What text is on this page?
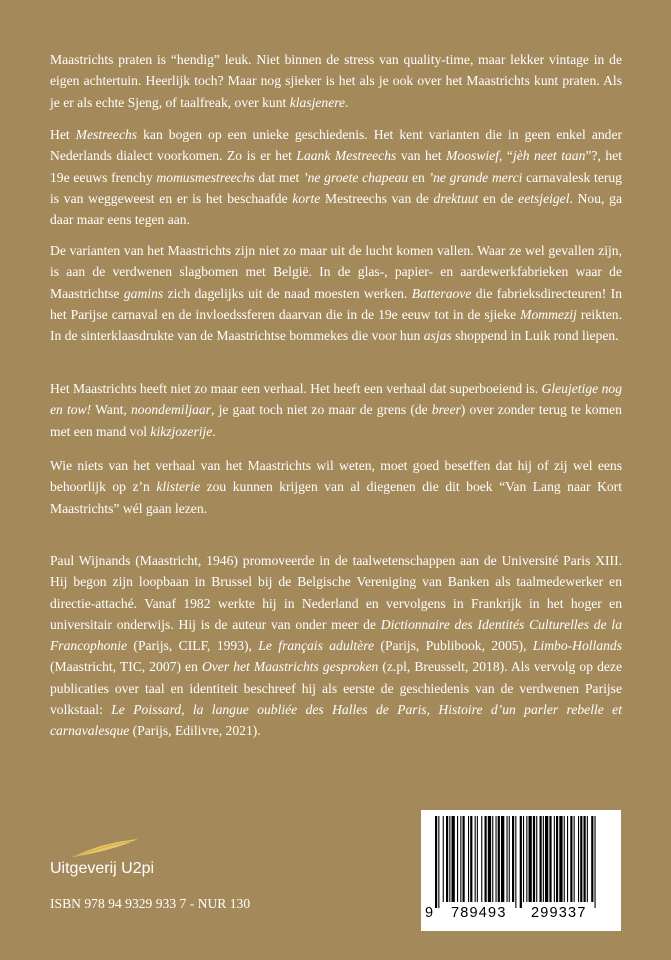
Maastrichts praten is “hendig” leuk. Niet binnen de stress van quality-time, maar lekker vintage in de eigen achtertuin. Heerlijk toch? Maar nog sjieker is het als je ook over het Maastrichts kunt praten. Als je er als echte Sjeng, of taalfreak, over kunt klasjenere.

Het Mestreechs kan bogen op een unieke geschiedenis. Het kent varianten die in geen enkel ander Nederlands dialect voorkomen. Zo is er het Laank Mestreechs van het Mooswief, “jèh neet taan”?, het 19e eeuws frenchy momusmestreechs dat met ’ne groete chapeau en ’ne grande merci carnavalesk terug is van weggeweest en er is het beschaafde korte Mestreechs van de drektuut en de eetsjeigel. Nou, ga daar maar eens tegen aan.

De varianten van het Maastrichts zijn niet zo maar uit de lucht komen vallen. Waar ze wel gevallen zijn, is aan de verdwenen slagbomen met België. In de glas-, papier- en aardewerkfabrieken waar de Maastrichtse gamins zich dagelijks uit de naad moesten werken. Batteraove die fabrieksdirecteuren! In het Parijse carnaval en de invloedssferen daarvan die in de 19e eeuw tot in de sjieke Mommezij reikten. In de sinterklaasdrukte van de Maastrichtse bommekes die voor hun asjas shoppend in Luik rond liepen.

Het Maastrichts heeft niet zo maar een verhaal. Het heeft een verhaal dat superboeiend is. Gleujetige nog en tow! Want, noondemiljaar, je gaat toch niet zo maar de grens (de breer) over zonder terug te komen met een mand vol kikzjozerije.

Wie niets van het verhaal van het Maastrichts wil weten, moet goed beseffen dat hij of zij wel eens behoorlijk op z’n klisterie zou kunnen krijgen van al diegenen die dit boek “Van Lang naar Kort Maastrichts” wél gaan lezen.

Paul Wijnands (Maastricht, 1946) promoveerde in de taalwetenschappen aan de Université Paris XIII. Hij begon zijn loopbaan in Brussel bij de Belgische Vereniging van Banken als taalmedewerker en directie-attaché. Vanaf 1982 werkte hij in Nederland en vervolgens in Frankrijk in het hoger en universitair onderwijs. Hij is de auteur van onder meer de Dictionnaire des Identités Culturelles de la Francophonie (Parijs, CILF, 1993), Le français adultère (Parijs, Publibook, 2005), Limbo-Hollands (Maastricht, TIC, 2007) en Over het Maastrichts gesproken (z.pl, Breusselt, 2018). Als vervolg op deze publicaties over taal en identiteit beschreef hij als eerste de geschiedenis van de verdwenen Parijse volkstaal: Le Poissard, la langue oubliée des Halles de Paris, Histoire d’un parler rebelle et carnavalesque (Parijs, Edilivre, 2021).

Uitgeverij U2pi
ISBN 978 94 9329 933 7 - NUR 130
9 789493 299337
